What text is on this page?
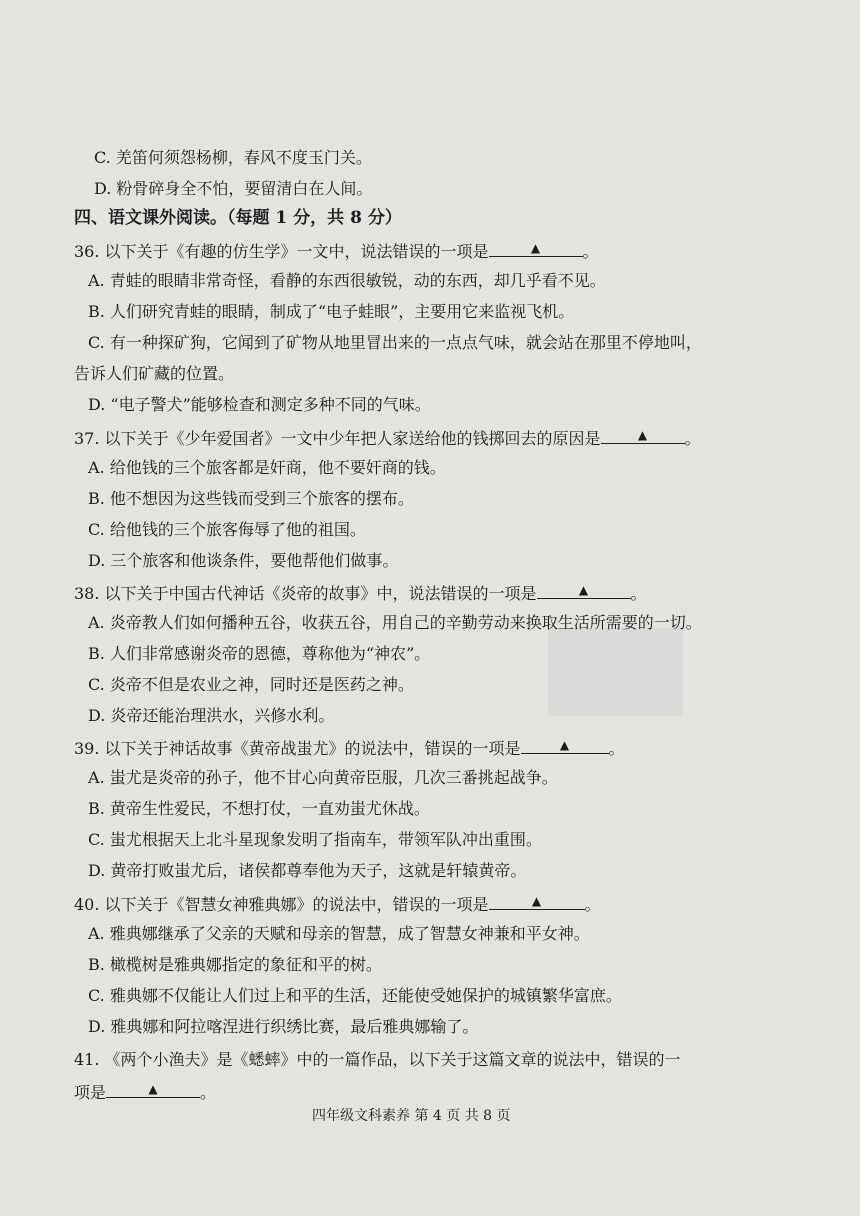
C. 羌笛何须怨杨柳，春风不度玉门关。
D. 粉骨碎身全不怕，要留清白在人间。
四、语文课外阅读。（每题 1 分，共 8 分）
36. 以下关于《有趣的仿生学》一文中，说法错误的一项是	▲	。
A. 青蛙的眼睛非常奇怪，看静的东西很敏锐，动的东西，却几乎看不见。
B. 人们研究青蛙的眼睛，制成了“电子蛙眼”，主要用它来监视飞机。
C. 有一种探矿狗，它闻到了矿物从地里冒出来的一点点气味，就会站在那里不停地叫，
告诉人们矿藏的位置。
D. “电子警犬”能够检查和测定多种不同的气味。
37. 以下关于《少年爱国者》一文中少年把人家送给他的钱掷回去的原因是	▲ 。
A. 给他钱的三个旅客都是奸商，他不要奸商的钱。
B. 他不想因为这些钱而受到三个旅客的摆布。
C. 给他钱的三个旅客侮辱了他的祖国。
D. 三个旅客和他谈条件，要他帮他们做事。
38. 以下关于中国古代神话《炎帝的故事》中，说法错误的一项是	▲	。
A. 炎帝教人们如何播种五谷，收获五谷，用自己的辛勤劳动来换取生活所需要的一切。
B. 人们非常感谢炎帝的恩德，尊称他为“神农”。
C. 炎帝不但是农业之神，同时还是医药之神。
D. 炎帝还能治理洪水，兴修水利。
39. 以下关于神话故事《黄帝战蚩尤》的说法中，错误的一项是	▲ 。
A. 蚩尤是炎帝的孙子，他不甘心向黄帝臣服，几次三番挑起战争。
B. 黄帝生性爱民，不想打仗，一直劝蚩尤休战。
C. 蚩尤根据天上北斗星现象发明了指南车，带领军队冲出重围。
D. 黄帝打败蚩尤后，诸侯都尊奉他为天子，这就是轩辕黄帝。
40. 以下关于《智慧女神雅典娜》的说法中，错误的一项是	▲	。
A. 雅典娜继承了父亲的天赋和母亲的智慧，成了智慧女神兼和平女神。
B. 橄榄树是雅典娜指定的象征和平的树。
C. 雅典娜不仅能让人们过上和平的生活，还能使受她保护的城镇繁华富庶。
D. 雅典娜和阿拉喀涅进行织绣比赛，最后雅典娜输了。
41. 《两个小渔夫》是《蟋蟀》中的一篇作品，以下关于这篇文章的说法中，错误的一
项是	▲	。
四年级文科素养 第 4 页 共 8 页
